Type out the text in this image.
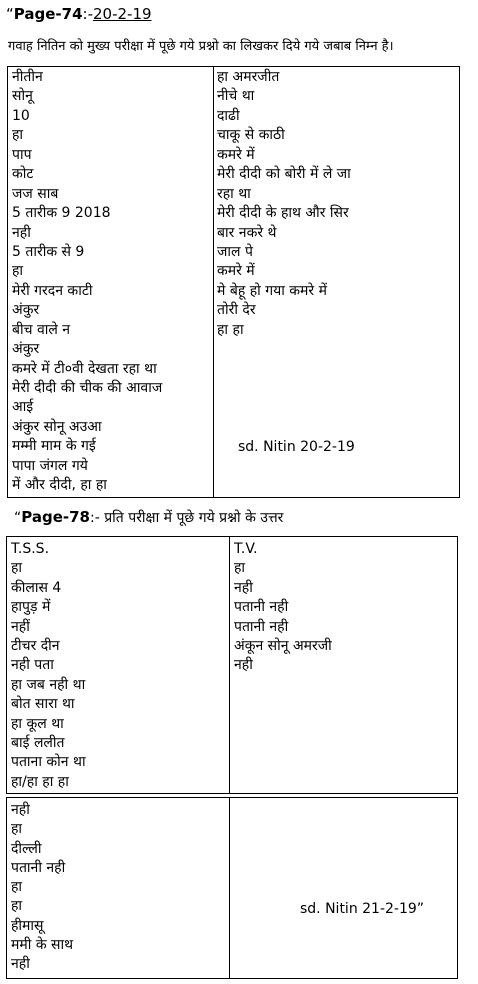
“Page-74:-20-2-19
गवाह नितिन को मुख्य परीक्षा में पूछे गये प्रश्नो का लिखकर दिये गये जबाब निम्न है।
नीतीन
सोनू
10
हा
पाप
कोट
जज साब
5 तारीक 9 2018
नही
5 तारीक से 9
हा
मेरी गरदन काटी
अंकुर
बीच वाले न
अंकुर
कमरे में टी०वी देखता रहा था
मेरी दीदी की चीक की आवाज
आई
अंकुर सोनू अउआ
मम्मी माम के गई
पापा जंगल गये
में और दीदी, हा हा
हा अमरजीत
नीचे था
दाढी
चाकू से काठी
कमरे में
मेरी दीदी को बोरी में ले जा
रहा था
मेरी दीदी के हाथ और सिर
बार नकरे थे
जाल पे
कमरे में
मे बेहू हो गया कमरे में
तोरी देर
हा हा
sd. Nitin 20-2-19
“Page-78:- प्रति परीक्षा में पूछे गये प्रश्नो के उत्तर
T.S.S.
हा
कीलास 4
हापुड़ में
नहीं
टीचर दीन
नही पता
हा जब नही था
बोत सारा था
हा कूल था
बाई ललीत
पताना कोन था
हा/हा हा हा
T.V.
हा
नही
पतानी नही
पतानी नही
अंकून सोनू अमरजी
नही
नही
हा
दील्ली
पतानी नही
हा
हा
हीमासू
ममी के साथ
नही
sd. Nitin 21-2-19”
